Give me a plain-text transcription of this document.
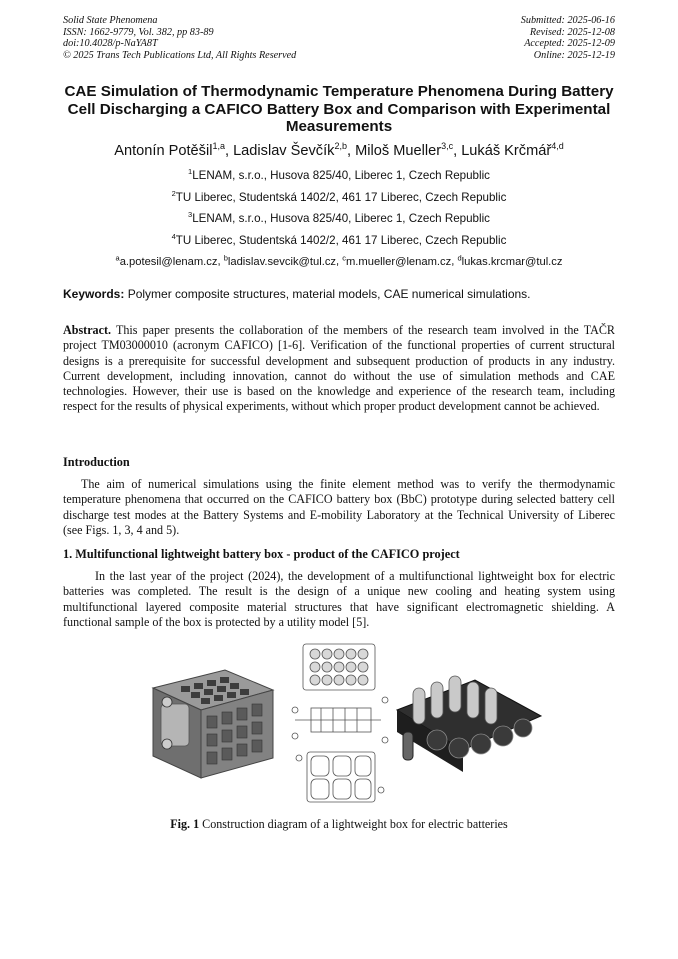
Solid State Phenomena
ISSN: 1662-9779, Vol. 382, pp 83-89
doi:10.4028/p-NaYA8T
© 2025 Trans Tech Publications Ltd, All Rights Reserved
Submitted: 2025-06-16
Revised: 2025-12-08
Accepted: 2025-12-09
Online: 2025-12-19
CAE Simulation of Thermodynamic Temperature Phenomena During Battery Cell Discharging a CAFICO Battery Box and Comparison with Experimental Measurements
Antonín Potěšil$^{1,a}$, Ladislav Ševčík$^{2,b}$, Miloš Mueller$^{3,c}$, Lukáš Krčmář$^{4,d}$
$^1$LENAM, s.r.o., Husova 825/40, Liberec 1, Czech Republic
$^2$TU Liberec, Studentská 1402/2, 461 17 Liberec, Czech Republic
$^3$LENAM, s.r.o., Husova 825/40, Liberec 1, Czech Republic
$^4$TU Liberec, Studentská 1402/2, 461 17 Liberec, Czech Republic
$^a$a.potesil@lenam.cz, $^b$ladislav.sevcik@tul.cz, $^c$m.mueller@lenam.cz, $^d$lukas.krcmar@tul.cz
Keywords: Polymer composite structures, material models, CAE numerical simulations.
Abstract. This paper presents the collaboration of the members of the research team involved in the TAČR project TM03000010 (acronym CAFICO) [1-6]. Verification of the functional properties of current structural designs is a prerequisite for successful development and subsequent production of products in any industry. Current development, including innovation, cannot do without the use of simulation methods and CAE technologies. However, their use is based on the knowledge and experience of the research team, including respect for the results of physical experiments, without which proper product development cannot be achieved.
Introduction
The aim of numerical simulations using the finite element method was to verify the thermodynamic temperature phenomena that occurred on the CAFICO battery box (BbC) prototype during selected battery cell discharge test modes at the Battery Systems and E-mobility Laboratory at the Technical University of Liberec (see Figs. 1, 3, 4 and 5).
1. Multifunctional lightweight battery box - product of the CAFICO project
In the last year of the project (2024), the development of a multifunctional lightweight box for electric batteries was completed. The result is the design of a unique new cooling and heating system using multifunctional layered composite material structures that have significant electromagnetic shielding. A functional sample of the box is protected by a utility model [5].
Fig. 1 Construction diagram of a lightweight box for electric batteries
